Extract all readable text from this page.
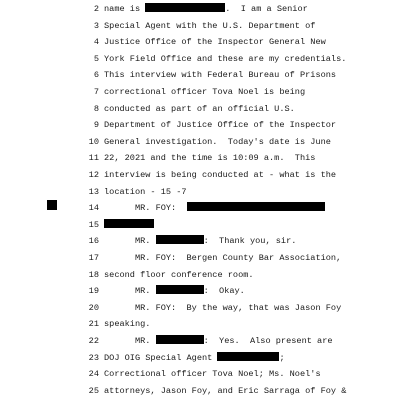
2 name is	.  I am a Senior
3 Special Agent with the U.S. Department of
4 Justice Office of the Inspector General New
5 York Field Office and these are my credentials.
6 This interview with Federal Bureau of Prisons
7 correctional officer Tova Noel is being
8 conducted as part of an official U.S.
9 Department of Justice Office of the Inspector
10 General investigation.  Today's date is June
11 22, 2021 and the time is 10:09 a.m.  This
12 interview is being conducted at - what is the
13 location - 15 -7
14 MR. FOY:
15
16 MR.	:  Thank you, sir.
17 MR. FOY:  Bergen County Bar Association,
18 second floor conference room.
19 MR.	:  Okay.
20 MR. FOY:  By the way, that was Jason Foy
21 speaking.
22 MR.	:  Yes.  Also present are
23 DOJ OIG Special Agent	;
24 Correctional officer Tova Noel; Ms. Noel's
25 attorneys, Jason Foy, and Eric Sarraga of Foy &
